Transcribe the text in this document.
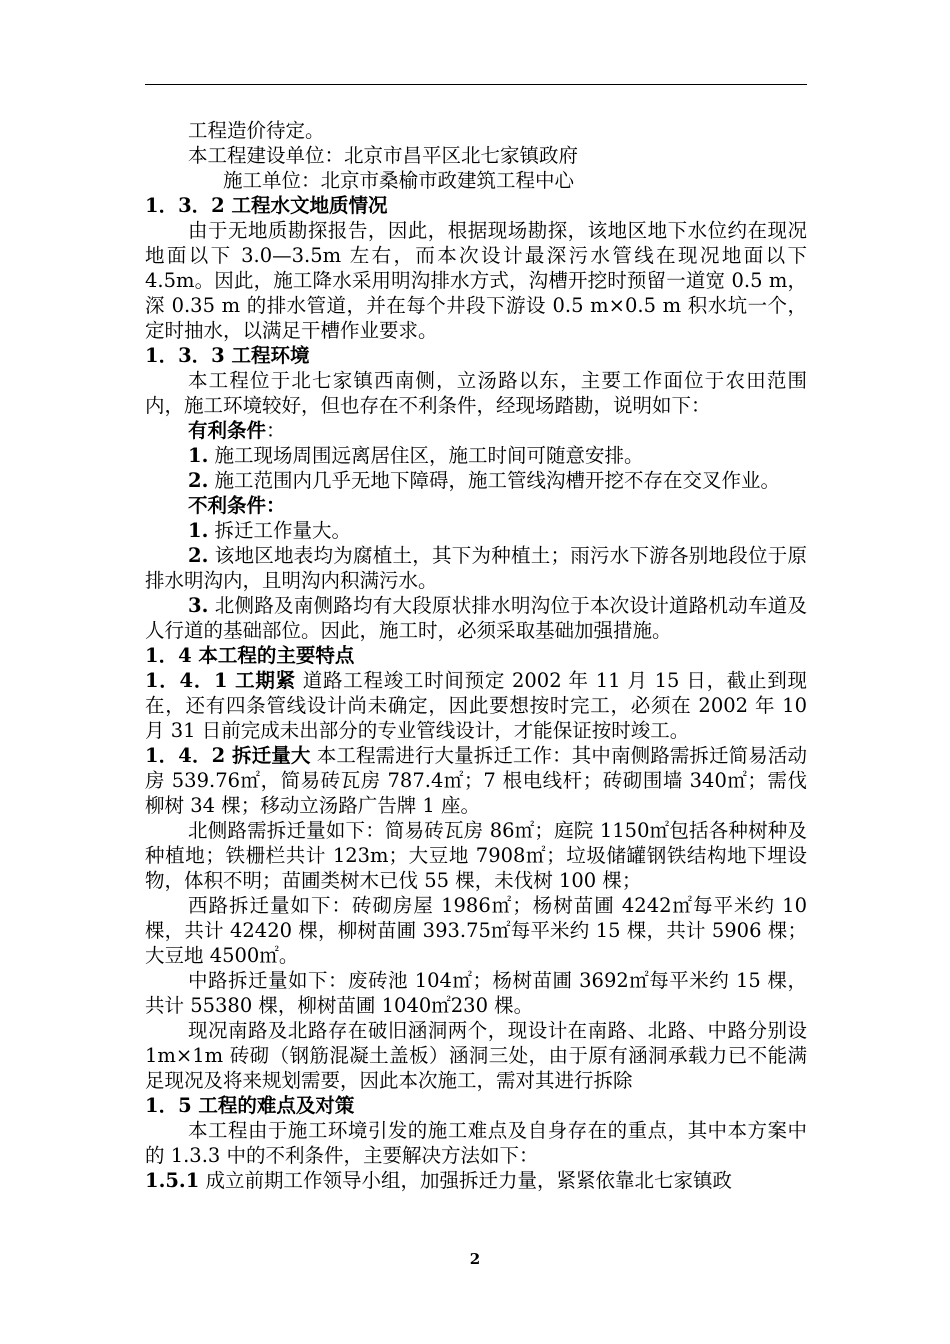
工程造价待定。

本工程建设单位：北京市昌平区北七家镇政府

施工单位：北京市桑榆市政建筑工程中心

1．3．2 工程水文地质情况

由于无地质勘探报告，因此，根据现场勘探，该地区地下水位约在现况地面以下 3.0—3.5m 左右，而本次设计最深污水管线在现况地面以下 4.5m。因此，施工降水采用明沟排水方式，沟槽开挖时预留一道宽 0.5 m，深 0.35 m 的排水管道，并在每个井段下游设 0.5 m×0.5 m 积水坑一个，定时抽水，以满足干槽作业要求。

1．3．3 工程环境

本工程位于北七家镇西南侧，立汤路以东，主要工作面位于农田范围内，施工环境较好，但也存在不利条件，经现场踏勘，说明如下：

有利条件：

1. 施工现场周围远离居住区，施工时间可随意安排。

2. 施工范围内几乎无地下障碍，施工管线沟槽开挖不存在交叉作业。

不利条件：

1. 拆迁工作量大。

2. 该地区地表均为腐植土，其下为种植土；雨污水下游各别地段位于原排水明沟内，且明沟内积满污水。

3. 北侧路及南侧路均有大段原状排水明沟位于本次设计道路机动车道及人行道的基础部位。因此，施工时，必须采取基础加强措施。

1．4 本工程的主要特点

1．4．1 工期紧 道路工程竣工时间预定 2002 年 11 月 15 日，截止到现在，还有四条管线设计尚未确定，因此要想按时完工，必须在 2002 年 10 月 31 日前完成未出部分的专业管线设计，才能保证按时竣工。

1．4．2 拆迁量大 本工程需进行大量拆迁工作：其中南侧路需拆迁简易活动房 539.76㎡，简易砖瓦房 787.4㎡；7 根电线杆；砖砌围墙 340㎡；需伐柳树 34 棵；移动立汤路广告牌 1 座。

北侧路需拆迁量如下：简易砖瓦房 86㎡；庭院 1150㎡包括各种树种及种植地；铁栅栏共计 123m；大豆地 7908㎡；垃圾储罐钢铁结构地下埋设物，体积不明；苗圃类树木已伐 55 棵，未伐树 100 棵；

西路拆迁量如下：砖砌房屋 1986㎡；杨树苗圃 4242㎡每平米约 10 棵，共计 42420 棵，柳树苗圃 393.75㎡每平米约 15 棵，共计 5906 棵；大豆地 4500㎡。

中路拆迁量如下：废砖池 104㎡；杨树苗圃 3692㎡每平米约 15 棵，共计 55380 棵，柳树苗圃 1040㎡230 棵。

现况南路及北路存在破旧涵洞两个，现设计在南路、北路、中路分别设 1m×1m 砖砌（钢筋混凝土盖板）涵洞三处，由于原有涵洞承载力已不能满足现况及将来规划需要，因此本次施工，需对其进行拆除

1．5 工程的难点及对策

本工程由于施工环境引发的施工难点及自身存在的重点，其中本方案中的 1.3.3 中的不利条件，主要解决方法如下：

1.5.1 成立前期工作领导小组，加强拆迁力量，紧紧依靠北七家镇政

2
